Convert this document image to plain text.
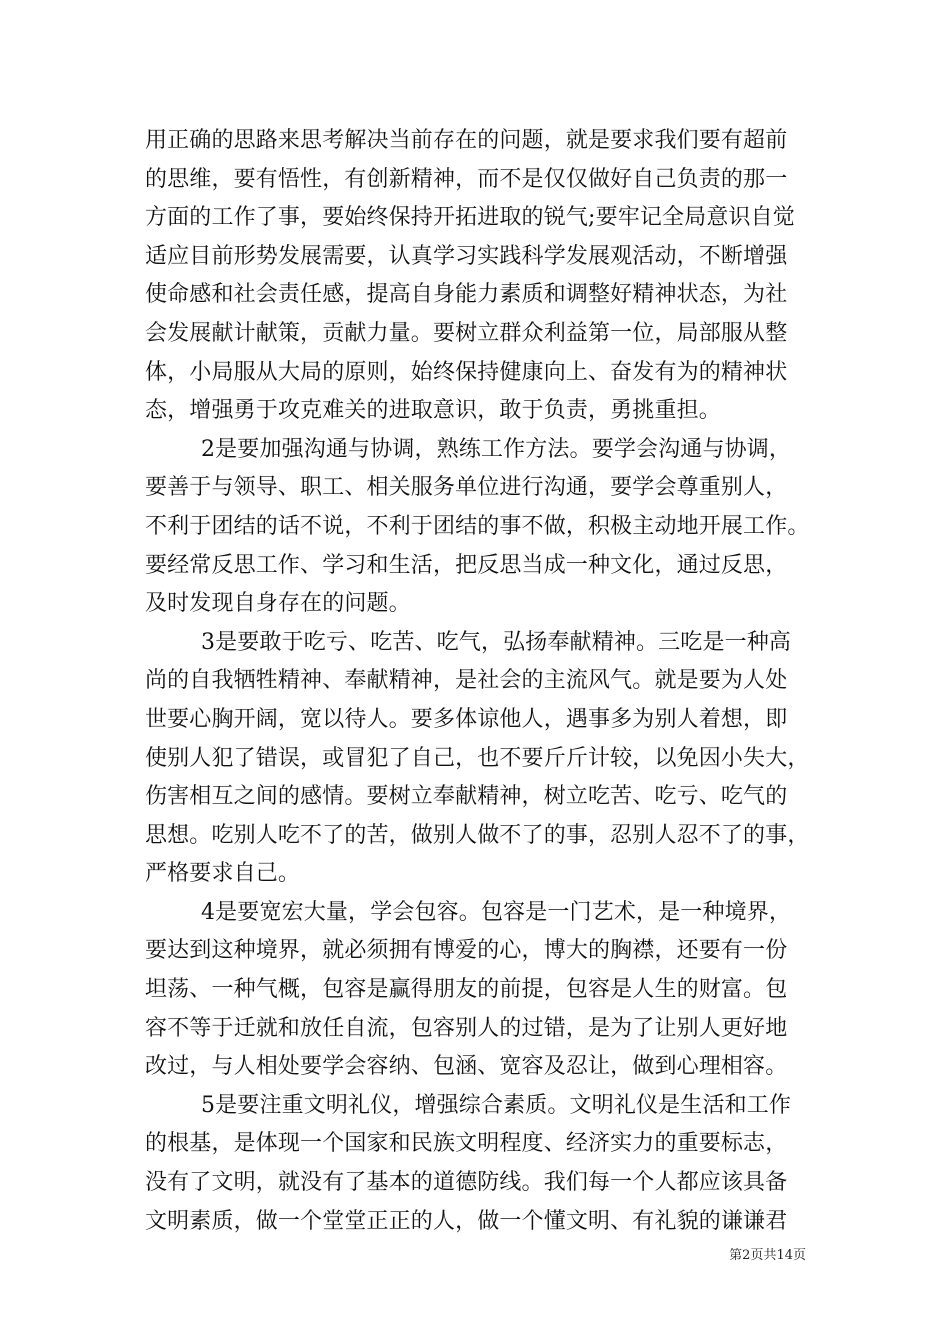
用正确的思路来思考解决当前存在的问题，就是要求我们要有超前
的思维，要有悟性，有创新精神，而不是仅仅做好自己负责的那一
方面的工作了事，要始终保持开拓进取的锐气;要牢记全局意识自觉
适应目前形势发展需要，认真学习实践科学发展观活动，不断增强
使命感和社会责任感，提高自身能力素质和调整好精神状态，为社
会发展献计献策，贡献力量。要树立群众利益第一位，局部服从整
体，小局服从大局的原则，始终保持健康向上、奋发有为的精神状
态，增强勇于攻克难关的进取意识，敢于负责，勇挑重担。
2是要加强沟通与协调，熟练工作方法。要学会沟通与协调，
要善于与领导、职工、相关服务单位进行沟通，要学会尊重别人，
不利于团结的话不说，不利于团结的事不做，积极主动地开展工作。
要经常反思工作、学习和生活，把反思当成一种文化，通过反思，
及时发现自身存在的问题。
3是要敢于吃亏、吃苦、吃气，弘扬奉献精神。三吃是一种高
尚的自我牺牲精神、奉献精神，是社会的主流风气。就是要为人处
世要心胸开阔，宽以待人。要多体谅他人，遇事多为别人着想，即
使别人犯了错误，或冒犯了自己，也不要斤斤计较，以免因小失大，
伤害相互之间的感情。要树立奉献精神，树立吃苦、吃亏、吃气的
思想。吃别人吃不了的苦，做别人做不了的事，忍别人忍不了的事，
严格要求自己。
4是要宽宏大量，学会包容。包容是一门艺术，是一种境界，
要达到这种境界，就必须拥有博爱的心，博大的胸襟，还要有一份
坦荡、一种气概，包容是赢得朋友的前提，包容是人生的财富。包
容不等于迁就和放任自流，包容别人的过错，是为了让别人更好地
改过，与人相处要学会容纳、包涵、宽容及忍让，做到心理相容。
5是要注重文明礼仪，增强综合素质。文明礼仪是生活和工作
的根基，是体现一个国家和民族文明程度、经济实力的重要标志，
没有了文明，就没有了基本的道德防线。我们每一个人都应该具备
文明素质，做一个堂堂正正的人，做一个懂文明、有礼貌的谦谦君
第2页共14页
